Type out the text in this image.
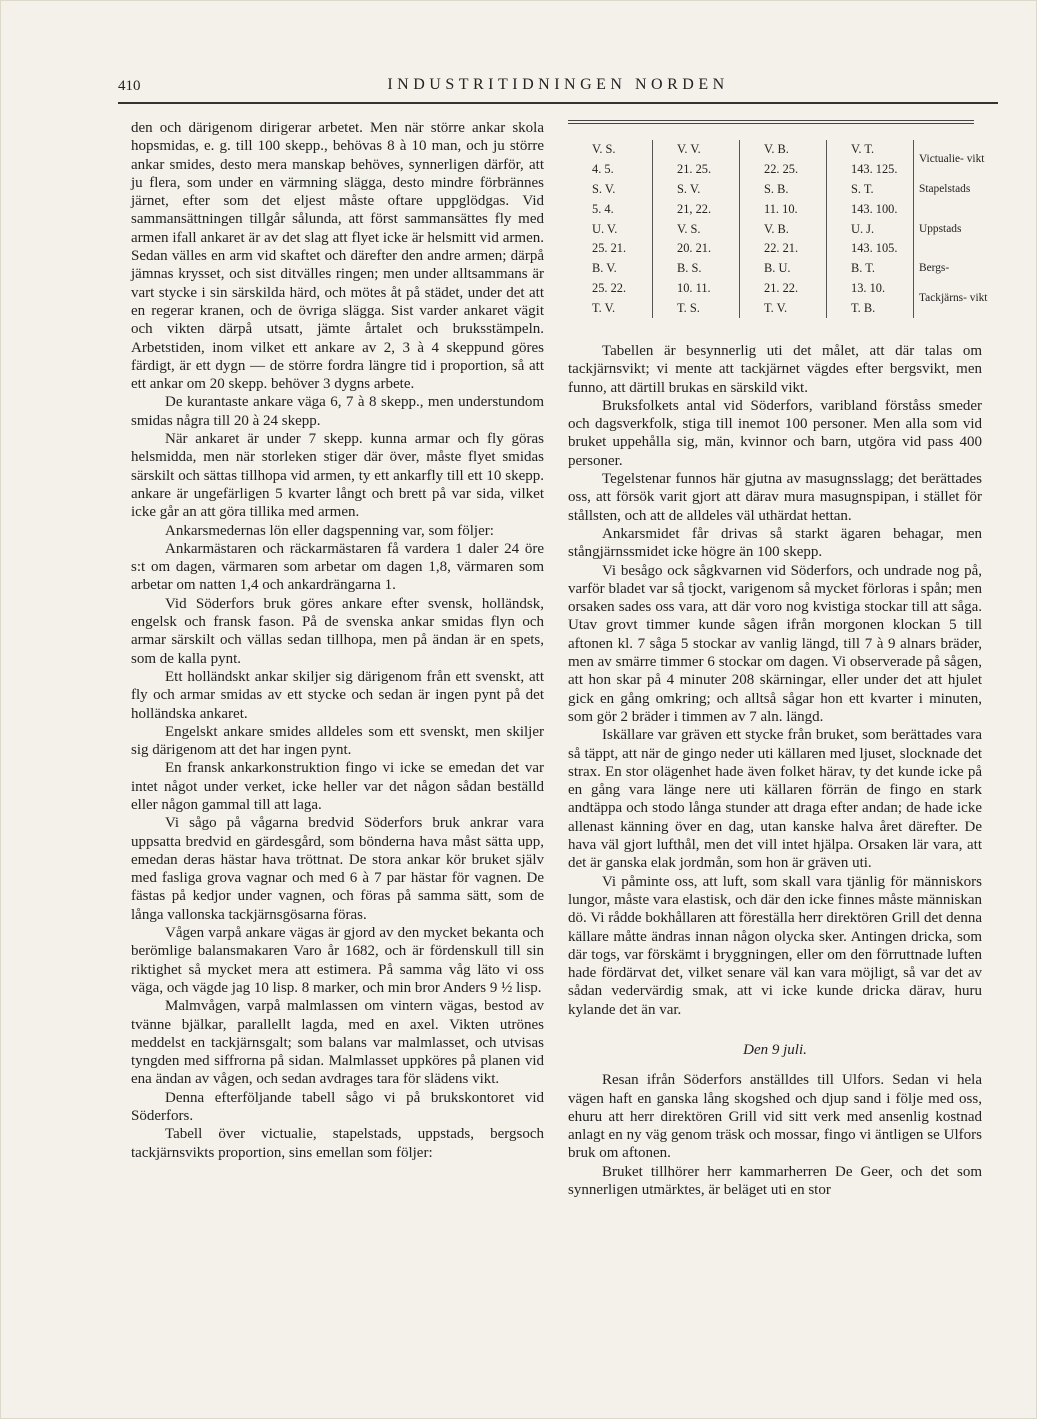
410	INDUSTRITIDNINGEN NORDEN

den och därigenom dirigerar arbetet. Men när större ankar skola hopsmidas, e. g. till 100 skepp., behövas 8 à 10 man, och ju större ankar smides, desto mera manskap behöves, synnerligen därför, att ju flera, som under en värmning slägga, desto mindre förbrännes järnet, efter som det eljest måste oftare uppglödgas. Vid sammansättningen tillgår sålunda, att först sammansättes fly med armen ifall ankaret är av det slag att flyet icke är helsmitt vid armen. Sedan välles en arm vid skaftet och därefter den andre armen; därpå jämnas krysset, och sist ditvälles ringen; men under alltsammans är vart stycke i sin särskilda härd, och mötes åt på städet, under det att en regerar kranen, och de övriga slägga. Sist varder ankaret vägit och vikten därpå utsatt, jämte årtalet och bruksstämpeln. Arbetstiden, inom vilket ett ankare av 2, 3 à 4 skeppund göres färdigt, är ett dygn — de större fordra längre tid i proportion, så att ett ankar om 20 skepp. behöver 3 dygns arbete.

De kurantaste ankare väga 6, 7 à 8 skepp., men understundom smidas några till 20 à 24 skepp.

När ankaret är under 7 skepp. kunna armar och fly göras helsmidda, men när storleken stiger där över, måste flyet smidas särskilt och sättas tillhopa vid armen, ty ett ankarfly till ett 10 skepp. ankare är ungefärligen 5 kvarter långt och brett på var sida, vilket icke går an att göra tillika med armen.

Ankarsmedernas lön eller dagspenning var, som följer:

Ankarmästaren och räckarmästaren få vardera 1 daler 24 öre s:t om dagen, värmaren som arbetar om dagen 1,8, värmaren som arbetar om natten 1,4 och ankardrängarna 1.

Vid Söderfors bruk göres ankare efter svensk, holländsk, engelsk och fransk fason. På de svenska ankar smidas flyn och armar särskilt och vällas sedan tillhopa, men på ändan är en spets, som de kalla pynt.

Ett holländskt ankar skiljer sig därigenom från ett svenskt, att fly och armar smidas av ett stycke och sedan är ingen pynt på det holländska ankaret.

Engelskt ankare smides alldeles som ett svenskt, men skiljer sig därigenom att det har ingen pynt.

En fransk ankarkonstruktion fingo vi icke se emedan det var intet något under verket, icke heller var det någon sådan beställd eller någon gammal till att laga.

Vi sågo på vågarna bredvid Söderfors bruk ankrar vara uppsatta bredvid en gärdesgård, som bönderna hava måst sätta upp, emedan deras hästar hava tröttnat. De stora ankar kör bruket själv med fasliga grova vagnar och med 6 à 7 par hästar för vagnen. De fästas på kedjor under vagnen, och föras på samma sätt, som de långa vallonska tackjärnsgösarna föras.

Vågen varpå ankare vägas är gjord av den mycket bekanta och berömlige balansmakaren Varo år 1682, och är fördenskull till sin riktighet så mycket mera att estimera. På samma våg läto vi oss väga, och vägde jag 10 lisp. 8 marker, och min bror Anders 9 ½ lisp.

Malmvågen, varpå malmlassen om vintern vägas, bestod av tvänne bjälkar, parallellt lagda, med en axel. Vikten utrönes meddelst en tackjärnsgalt; som balans var malmlasset, och utvisas tyngden med siffrorna på sidan. Malmlasset uppköres på planen vid ena ändan av vågen, och sedan avdrages tara för slädens vikt.

Denna efterföljande tabell sågo vi på brukskontoret vid Söderfors.

Tabell över victualie, stapelstads, uppstads, bergsoch tackjärnsvikts proportion, sins emellan som följer:

V. S.	V. V.	V. B.	V. T.	Victualie- vikt
4. 5.	21. 25.	22. 25.	143. 125.	
S. V.	S. V.	S. B.	S. T.	Stapelstads
5. 4.	21, 22.	11. 10.	143. 100.	
U. V.	V. S.	V. B.	U. J.	Uppstads
25. 21.	20. 21.	22. 21.	143. 105.	
B. V.	B. S.	B. U.	B. T.	Bergs-
25. 22.	10. 11.	21. 22.	13. 10.	Tackjärns- vikt
T. V.	T. S.	T. V.	T. B.	

Tabellen är besynnerlig uti det målet, att där talas om tackjärnsvikt; vi mente att tackjärnet vägdes efter bergsvikt, men funno, att därtill brukas en särskild vikt.

Bruksfolkets antal vid Söderfors, varibland förståss smeder och dagsverkfolk, stiga till inemot 100 personer. Men alla som vid bruket uppehålla sig, män, kvinnor och barn, utgöra vid pass 400 personer.

Tegelstenar funnos här gjutna av masugnsslagg; det berättades oss, att försök varit gjort att därav mura masugnspipan, i stället för stållsten, och att de alldeles väl uthärdat hettan.

Ankarsmidet får drivas så starkt ägaren behagar, men stångjärnssmidet icke högre än 100 skepp.

Vi besågo ock sågkvarnen vid Söderfors, och undrade nog på, varför bladet var så tjockt, varigenom så mycket förloras i spån; men orsaken sades oss vara, att där voro nog kvistiga stockar till att såga. Utav grovt timmer kunde sågen ifrån morgonen klockan 5 till aftonen kl. 7 såga 5 stockar av vanlig längd, till 7 à 9 alnars bräder, men av smärre timmer 6 stockar om dagen. Vi observerade på sågen, att hon skar på 4 minuter 208 skärningar, eller under det att hjulet gick en gång omkring; och alltså sågar hon ett kvarter i minuten, som gör 2 bräder i timmen av 7 aln. längd.

Iskällare var gräven ett stycke från bruket, som berättades vara så täppt, att när de gingo neder uti källaren med ljuset, slocknade det strax. En stor olägenhet hade även folket härav, ty det kunde icke på en gång vara länge nere uti källaren förrän de fingo en stark andtäppa och stodo långa stunder att dragа efter andan; de hade icke allenast känning över en dag, utan kanske halva året därefter. De hava väl gjort lufthål, men det vill intet hjälpa. Orsaken lär vara, att det är ganska elak jordmån, som hon är gräven uti.

Vi påminte oss, att luft, som skall vara tjänlig för människors lungor, måste vara elastisk, och där den icke finnes måste människan dö. Vi rådde bokhållaren att föreställa herr direktören Grill det denna källare måtte ändras innan någon olycka sker. Antingen dricka, som där togs, var förskämt i bryggningen, eller om den förruttnade luften hade fördärvat det, vilket senare väl kan vara möjligt, så var det av sådan vedervärdig smak, att vi icke kunde dricka därav, huru kylande det än var.

Den 9 juli.

Resan ifrån Söderfors anställdes till Ulfors. Sedan vi hela vägen haft en ganska lång skogshed och djup sand i följe med oss, ehuru att herr direktören Grill vid sitt verk med ansenlig kostnad anlagt en ny väg genom träsk och mossar, fingo vi äntligen se Ulfors bruk om aftonen.

Bruket tillhörer herr kammarherren De Geer, och det som synnerligen utmärktes, är beläget uti en stor
